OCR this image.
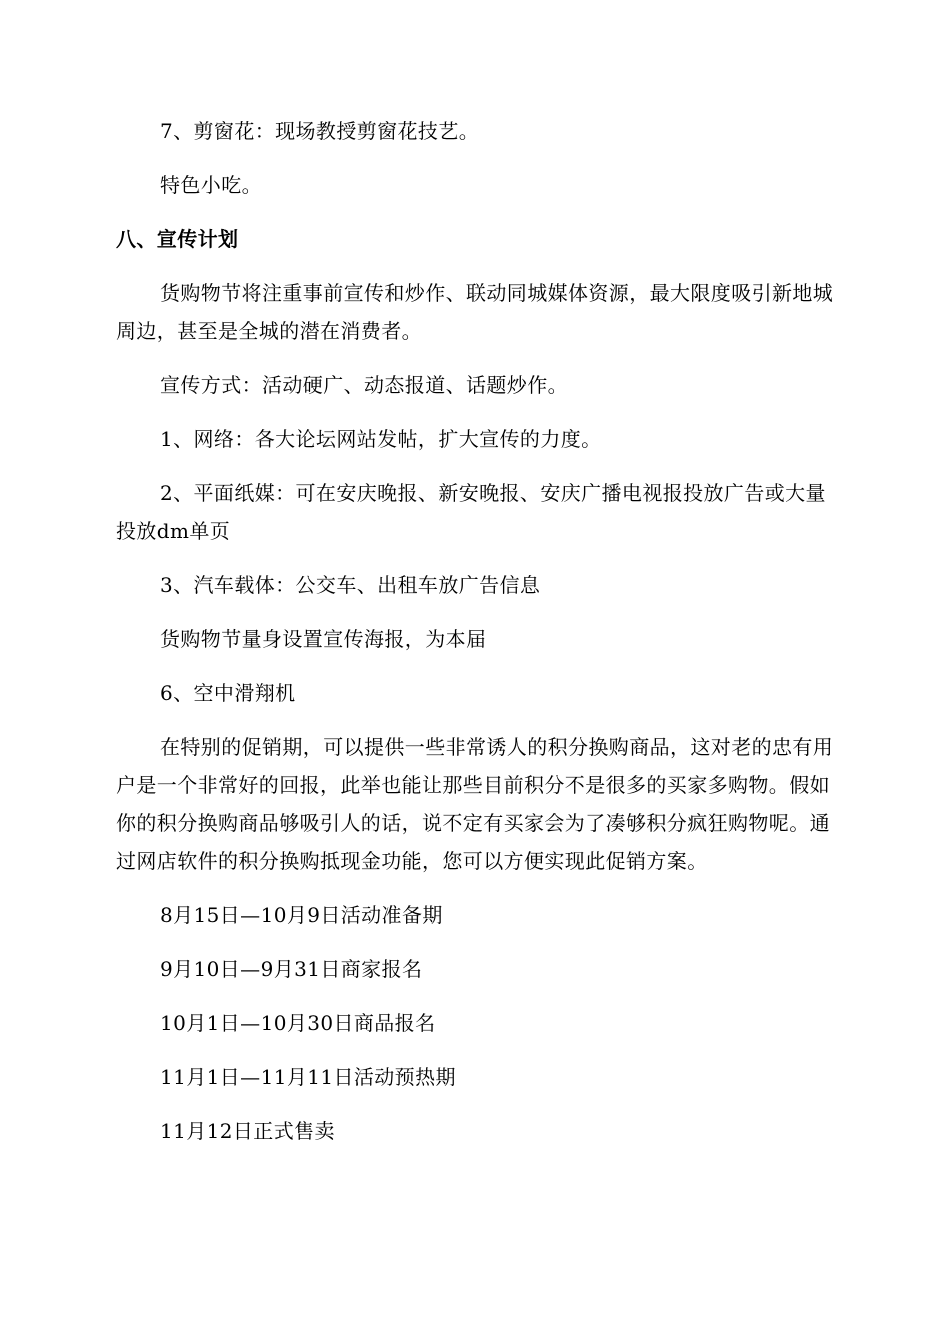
7、剪窗花：现场教授剪窗花技艺。

特色小吃。

八、宣传计划

货购物节将注重事前宣传和炒作、联动同城媒体资源，最大限度吸引新地城周边，甚至是全城的潜在消费者。

宣传方式：活动硬广、动态报道、话题炒作。

1、网络：各大论坛网站发帖，扩大宣传的力度。

2、平面纸媒：可在安庆晚报、新安晚报、安庆广播电视报投放广告或大量投放dm单页

3、汽车载体：公交车、出租车放广告信息

货购物节量身设置宣传海报，为本届

6、空中滑翔机

在特别的促销期，可以提供一些非常诱人的积分换购商品，这对老的忠有用户是一个非常好的回报，此举也能让那些目前积分不是很多的买家多购物。假如你的积分换购商品够吸引人的话，说不定有买家会为了凑够积分疯狂购物呢。通过网店软件的积分换购抵现金功能，您可以方便实现此促销方案。

8月15日—10月9日活动准备期

9月10日—9月31日商家报名

10月1日—10月30日商品报名

11月1日—11月11日活动预热期

11月12日正式售卖
